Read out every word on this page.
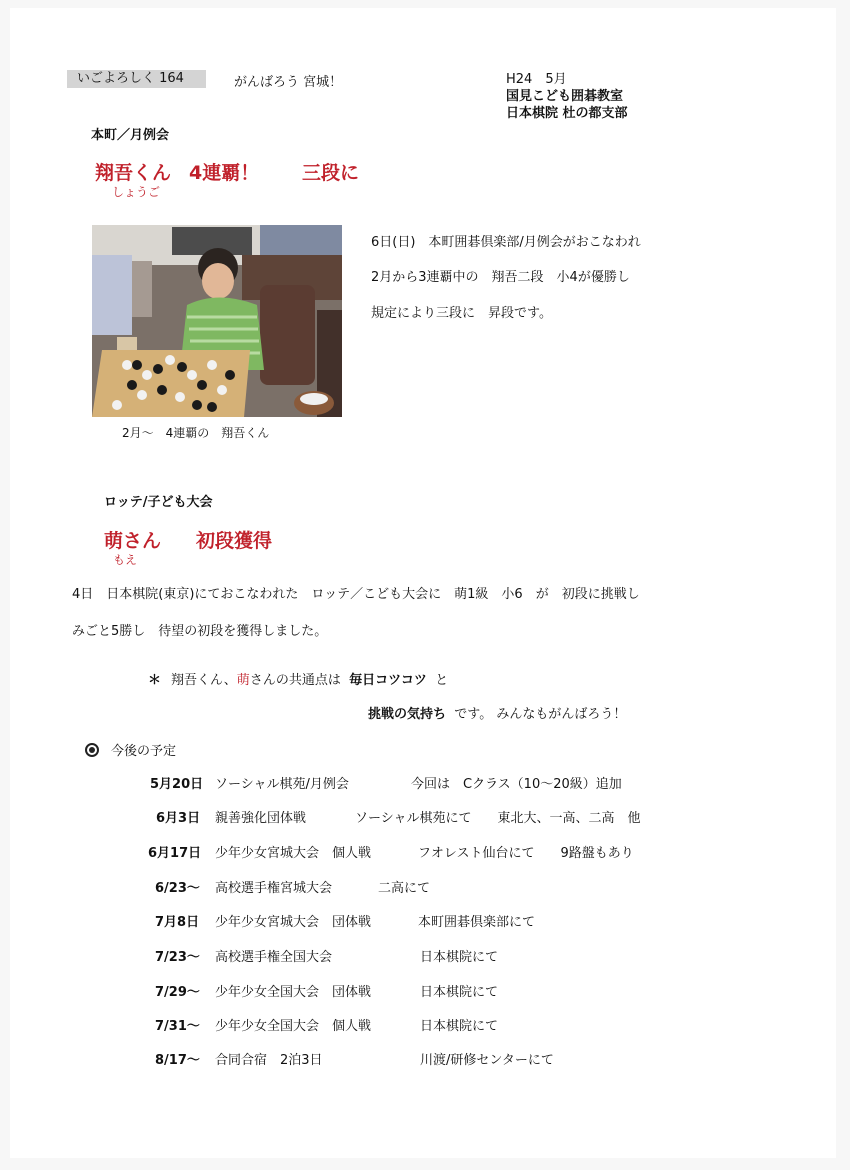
いごよろしく 164	がんばろう 宮城！	H24　5月
国見こども囲碁教室
日本棋院 杜の都支部
本町／月例会
翔吾くん 4連覇！ 三段に
しょうご
6日(日)　本町囲碁倶楽部/月例会がおこなわれ
2月から3連覇中の　翔吾二段　小4が優勝し
規定により三段に　昇段です。
2月～　4連覇の　翔吾くん
ロッテ/子ども大会
萌さん 初段獲得
もえ
4日　日本棋院(東京)にておこなわれた　ロッテ／こども大会に　萌1級　小6　が　初段に挑戦し
みごと5勝し　待望の初段を獲得しました。
＊ 翔吾くん、萌さんの共通点は 毎日コツコツ と
挑戦の気持ち です。 みんなもがんばろう！
今後の予定
5月20日 ソーシャル棋苑/月例会	今回は　Cクラス（10～20級）追加
6月3日 親善強化団体戦	ソーシャル棋苑にて　　東北大、一高、二高　他
6月17日 少年少女宮城大会　個人戦	フオレスト仙台にて　　9路盤もあり
6/23～ 高校選手権宮城大会	二高にて
7月8日 少年少女宮城大会　団体戦	本町囲碁倶楽部にて
7/23～ 高校選手権全国大会	日本棋院にて
7/29～ 少年少女全国大会　団体戦	日本棋院にて
7/31～ 少年少女全国大会　個人戦	日本棋院にて
8/17～ 合同合宿　2泊3日	川渡/研修センターにて
